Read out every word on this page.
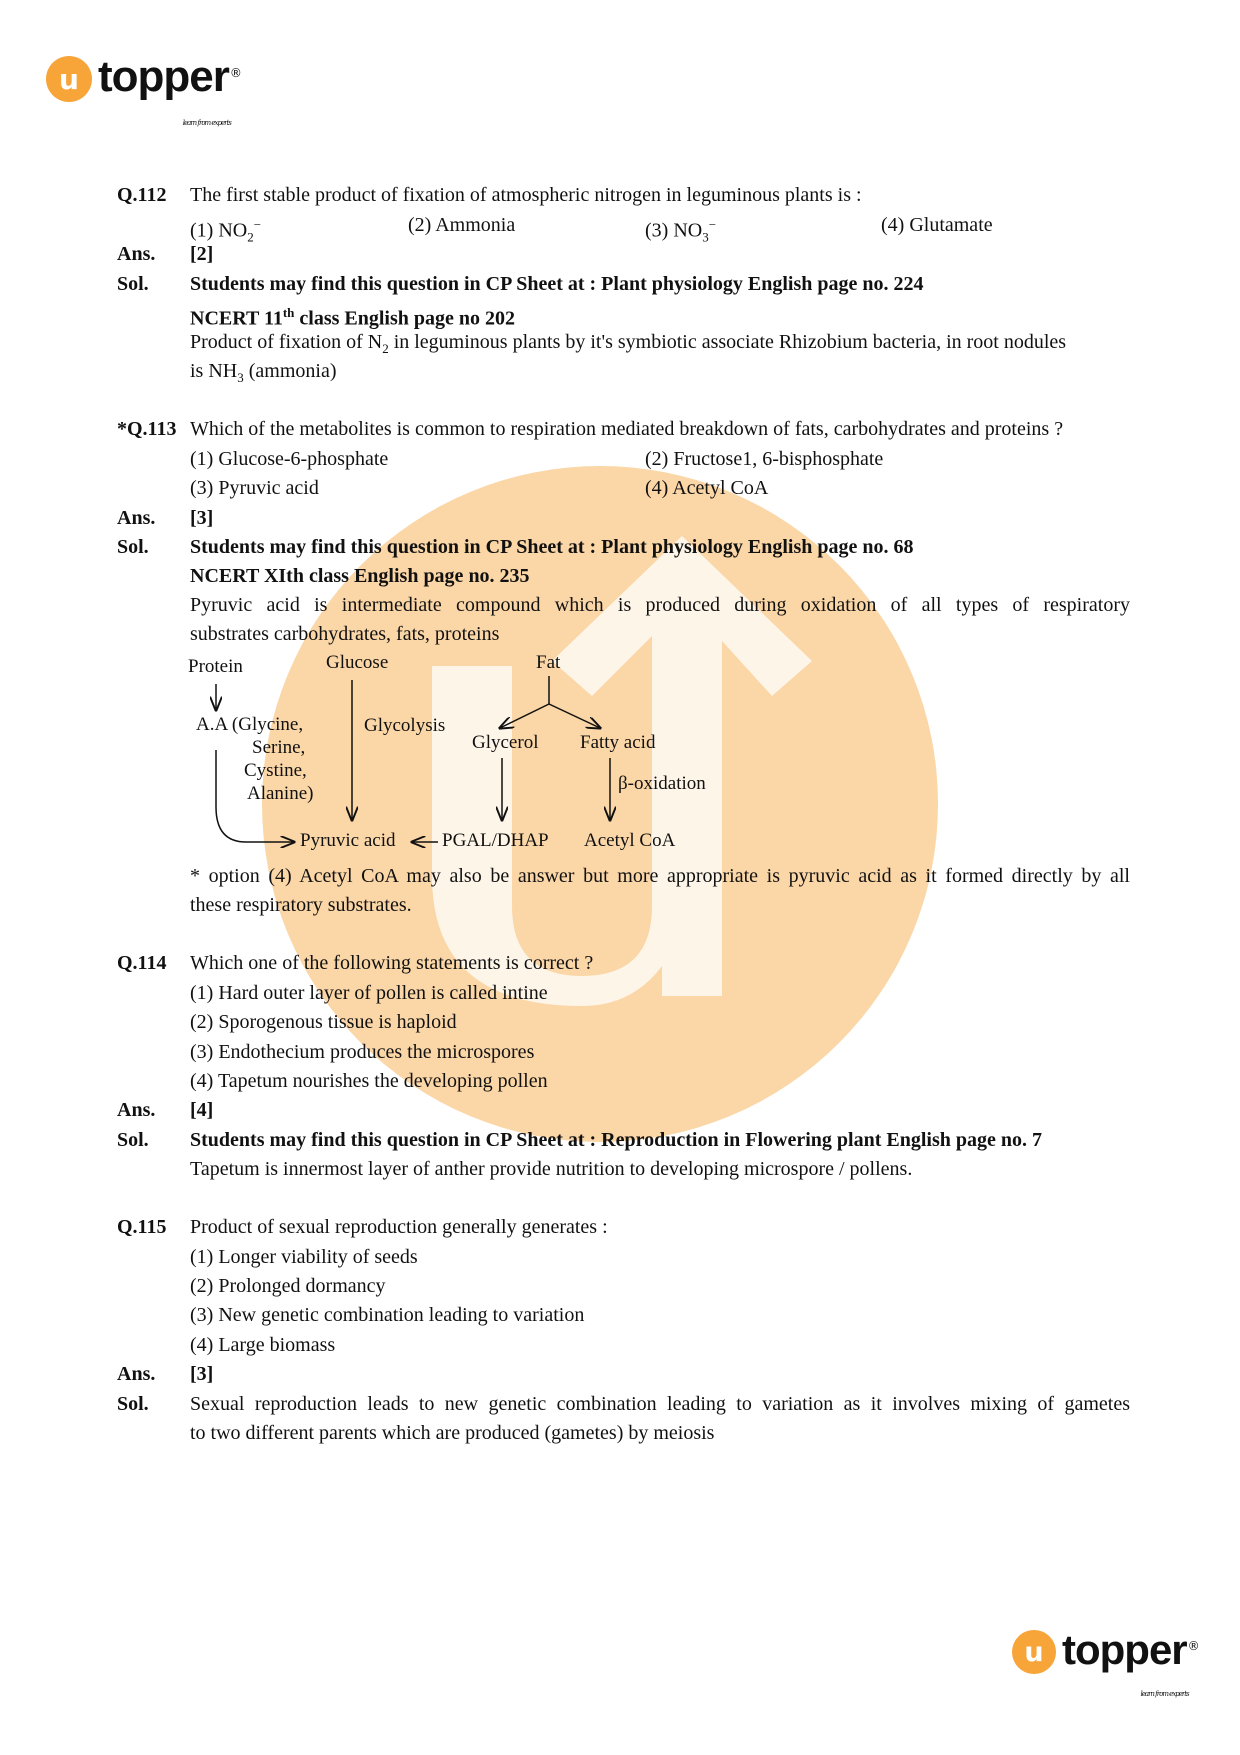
u topper ®
learn from experts
Q.112 The first stable product of fixation of atmospheric nitrogen in leguminous plants is :
(1) $NO_2^-$	(2) Ammonia	(3) $NO_3^-$	(4) Glutamate
Ans. [2]
Sol. Students may find this question in CP Sheet at : Plant physiology English page no. 224
NCERT 11th class English page no 202
Product of fixation of $N_2$ in leguminous plants by it's symbiotic associate Rhizobium bacteria, in root nodules
is $NH_3$ (ammonia)
*Q.113 Which of the metabolites is common to respiration mediated breakdown of fats, carbohydrates and proteins ?
(1) Glucose-6-phosphate	(2) Fructose1, 6-bisphosphate
(3) Pyruvic acid	(4) Acetyl CoA
Ans. [3]
Sol. Students may find this question in CP Sheet at : Plant physiology English page no. 68
NCERT XIth class English page no. 235
Pyruvic acid is intermediate compound which is produced during oxidation of all types of respiratory
substrates carbohydrates, fats, proteins
Protein	Glucose	Fat
A.A (Glycine,
Serine,
Cystine,
Alanine)
Glycolysis
Glycerol Fatty acid
β-oxidation
Pyruvic acid PGAL/DHAP Acetyl CoA
* option (4) Acetyl CoA may also be answer but more appropriate is pyruvic acid as it formed directly by all
these respiratory substrates.
Q.114 Which one of the following statements is correct ?
(1) Hard outer layer of pollen is called intine
(2) Sporogenous tissue is haploid
(3) Endothecium produces the microspores
(4) Tapetum nourishes the developing pollen
Ans. [4]
Sol. Students may find this question in CP Sheet at : Reproduction in Flowering plant English page no. 7
Tapetum is innermost layer of anther provide nutrition to developing microspore / pollens.
Q.115 Product of sexual reproduction generally generates :
(1) Longer viability of seeds
(2) Prolonged dormancy
(3) New genetic combination leading to variation
(4) Large biomass
Ans. [3]
Sol. Sexual reproduction leads to new genetic combination leading to variation as it involves mixing of gametes
to two different parents which are produced (gametes) by meiosis
u topper ®
learn from experts
